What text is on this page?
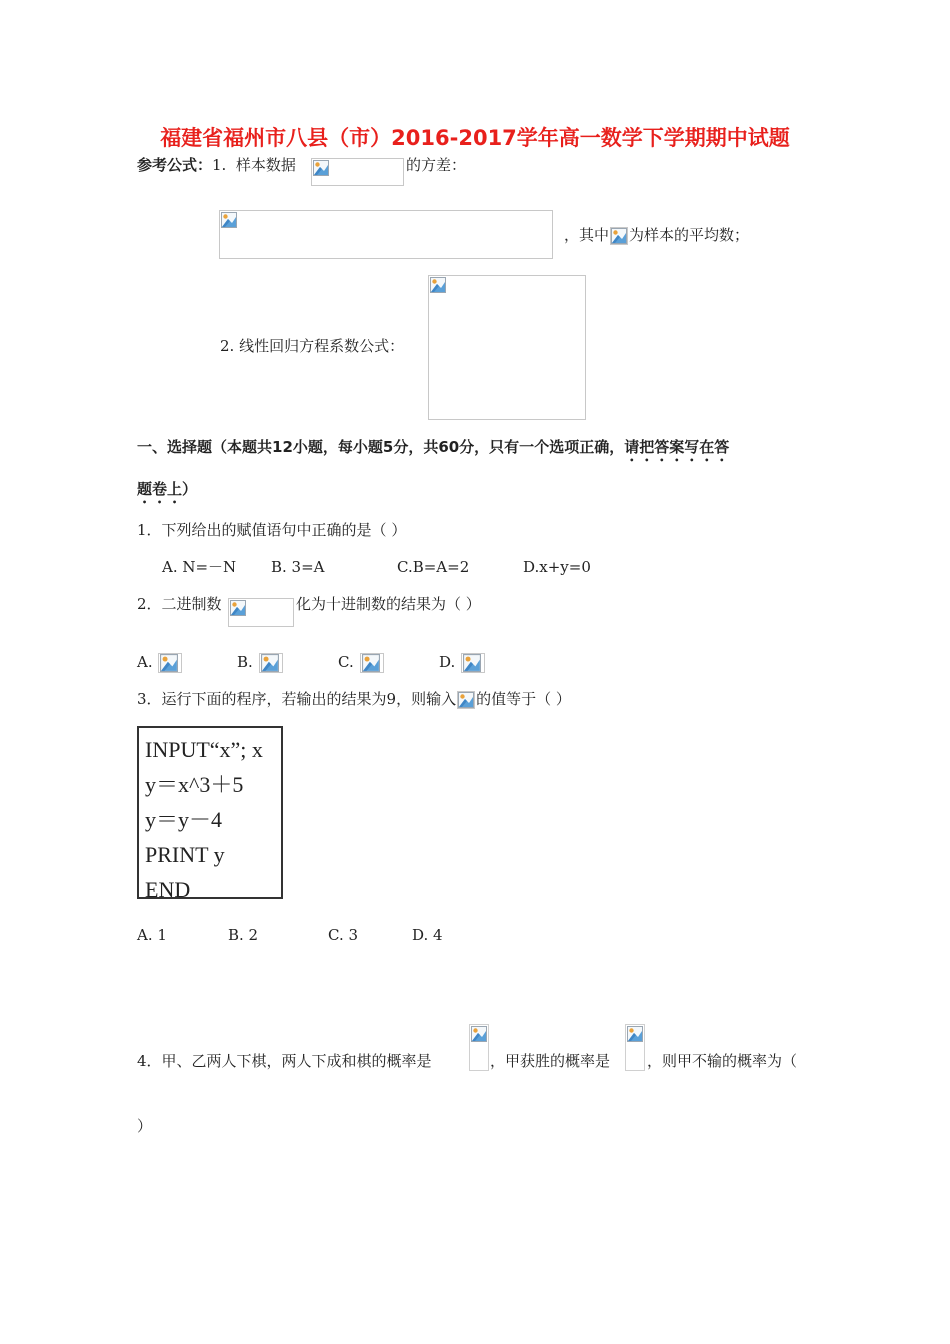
福建省福州市八县（市）2016-2017学年高一数学下学期期中试题
参考公式：1. 样本数据	的方差：
，其中 为样本的平均数；
2. 线性回归方程系数公式：
一、选择题（本题共12小题，每小题5分，共60分，只有一个选项正确，请把答案写在答
题卷上）
1．下列给出的赋值语句中正确的是（ ）
A. N=－N B. 3=A	C.B=A=2	D.x+y=0
2．二进制数	化为十进制数的结果为（ ）
A.	B.	C.	D.
3．运行下面的程序，若输出的结果为9，则输入 的值等于（ ）
INPUT“x”; x
y＝x^3＋5
y＝y－4
PRINT y
END
A. 1	B. 2	C. 3	D. 4
4．甲、乙两人下棋，两人下成和棋的概率是	，甲获胜的概率是 ，则甲不输的概率为（
）
